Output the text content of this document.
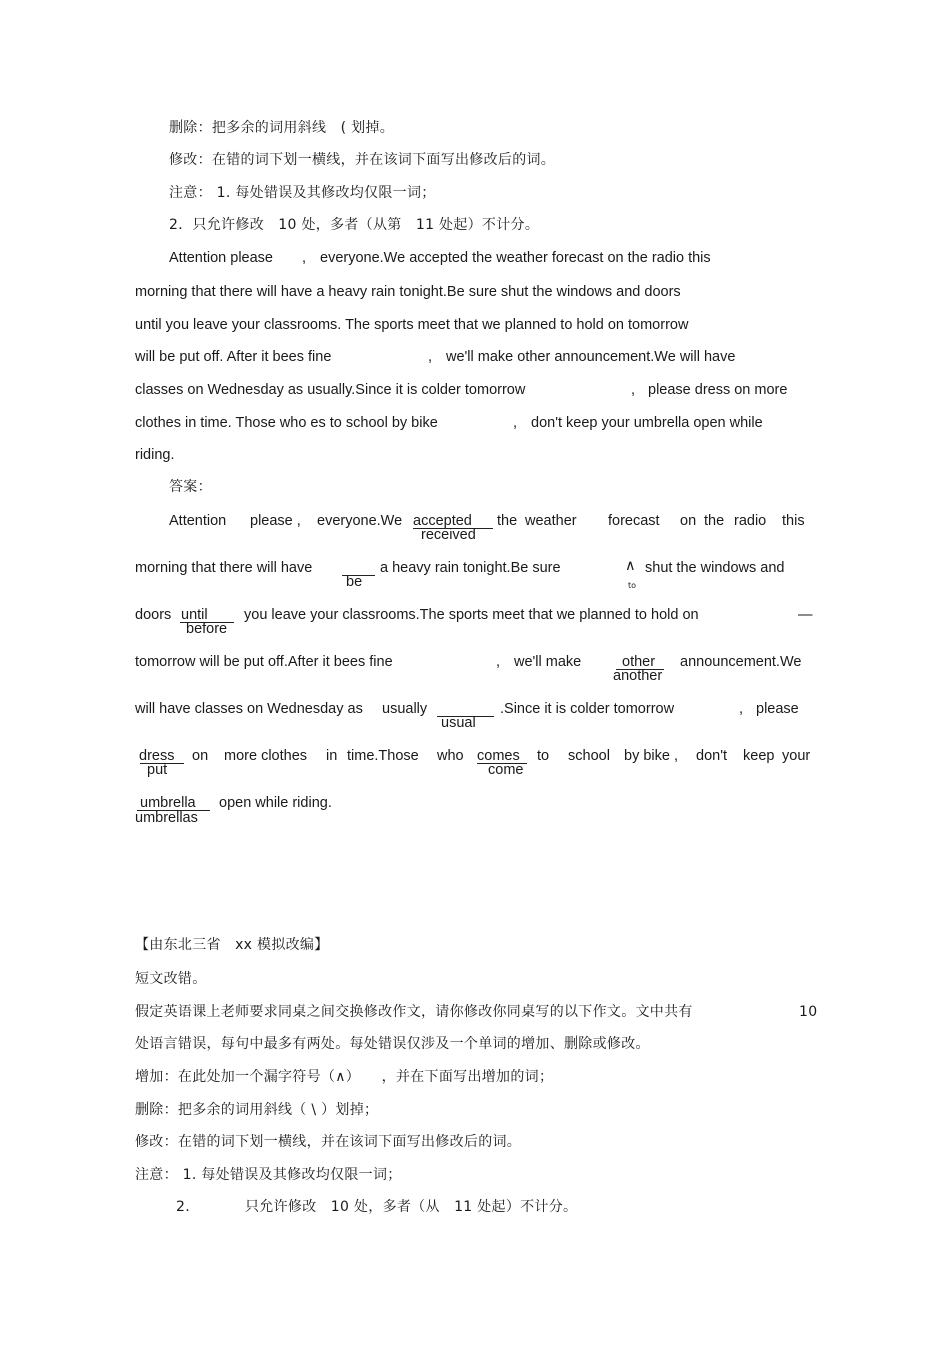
删除：把多余的词用斜线　( 划掉。
修改：在错的词下划一横线，并在该词下面写出修改后的词。
注意： 1. 每处错误及其修改均仅限一词；
2．只允许修改　10 处，多者（从第　11 处起）不计分。
Attention please , everyone.We accepted the weather forecast on the radio this
morning that there will have a heavy rain tonight.Be sure shut the windows and doors
until you leave your classrooms. The sports meet that we planned to hold on tomorrow
will be put off. After it bees fine	, we'll make other announcement.We will have
classes on Wednesday as usually.Since it is colder tomorrow	, please dress on more
clothes in time. Those who es to school by bike	, don't keep your umbrella open while
riding.
答案：
Attention please , everyone.We accepted
received
the weather forecast on the radio this
morning that there will have
be
a heavy rain tonight.Be sure	∧
to
shut the windows and
doors until
before
you leave your classrooms.The sports meet that we planned to hold on	—
tomorrow will be put off.After it bees fine	, we'll make	other
another
announcement.We
will have classes on Wednesday as usually
usual
.Since it is colder tomorrow	, please
dress
put
on more clothes in time.Those who comes
come
to school by bike , don't keep your
umbrella
umbrellas
open while riding.
【由东北三省　xx 模拟改编】
短文改错。
假定英语课上老师要求同桌之间交换修改作文，请你修改你同桌写的以下作文。文中共有	10
处语言错误，每句中最多有两处。每处错误仅涉及一个单词的增加、删除或修改。
增加：在此处加一个漏字符号（∧）　　，并在下面写出增加的词；
删除：把多余的词用斜线（ \ ）划掉；
修改：在错的词下划一横线，并在该词下面写出修改后的词。
注意： 1. 每处错误及其修改均仅限一词；
2.	只允许修改　10 处，多者（从　11 处起）不计分。
